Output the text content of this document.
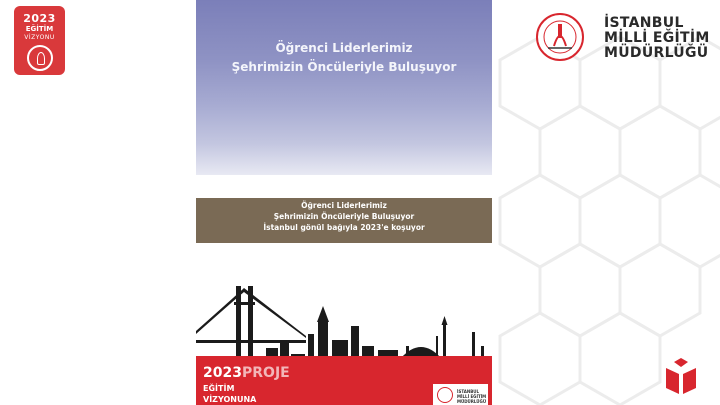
2023
EĞİTİM
VİZYONU
İSTANBUL
MİLLİ EĞİTİM
MÜDÜRLÜĞÜ
Öğrenci Liderlerimiz
Şehrimizin Öncüleriyle Buluşuyor
Öğrenci Liderlerimiz
Şehrimizin Öncüleriyle Buluşuyor
İstanbul gönül bağıyla 2023'e koşuyor
2023 PROJE
EĞİTİM
VİZYONUNA
İSTANBUL MİLLİ EĞİTİM MÜDÜRLÜĞÜ
